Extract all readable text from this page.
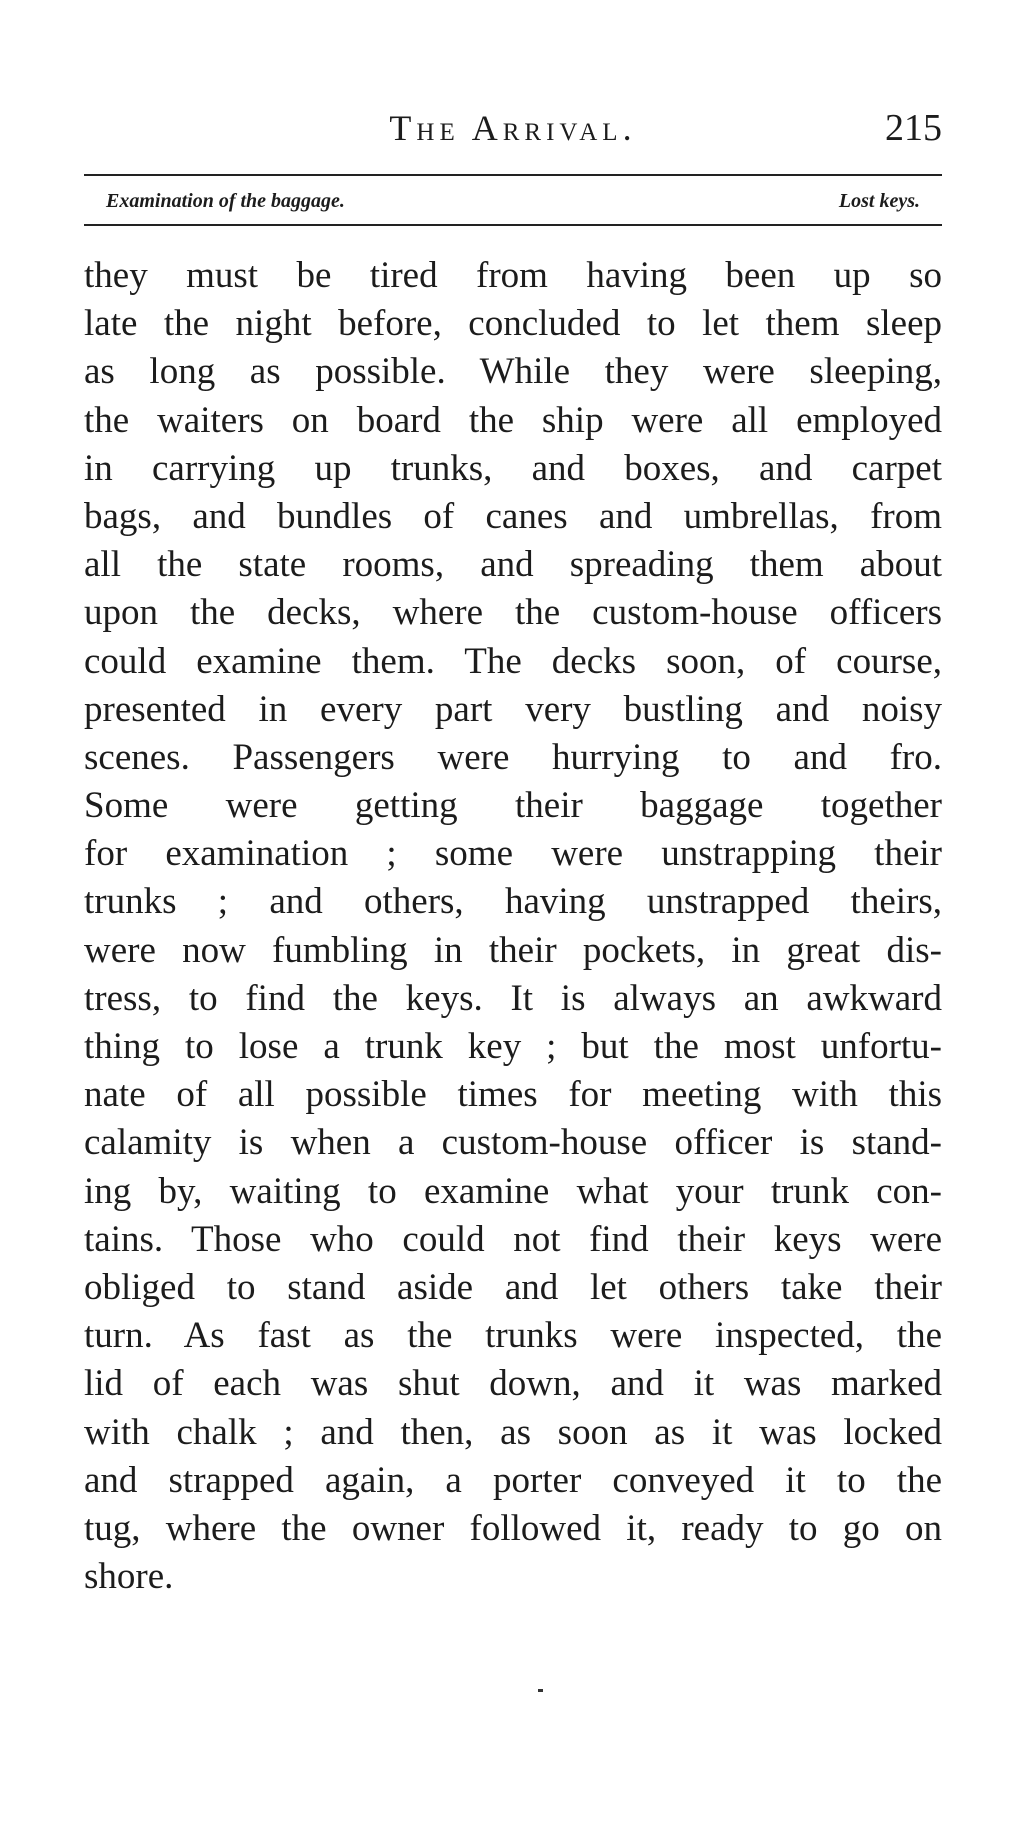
The Arrival.	215
Examination of the baggage.	Lost keys.
they must be tired from having been up so
late the night before, concluded to let them sleep
as long as possible. While they were sleeping,
the waiters on board the ship were all employed
in carrying up trunks, and boxes, and carpet
bags, and bundles of canes and umbrellas, from
all the state rooms, and spreading them about
upon the decks, where the custom-house officers
could examine them. The decks soon, of course,
presented in every part very bustling and noisy
scenes. Passengers were hurrying to and fro.
Some were getting their baggage together
for examination ; some were unstrapping their
trunks ; and others, having unstrapped theirs,
were now fumbling in their pockets, in great dis-
tress, to find the keys. It is always an awkward
thing to lose a trunk key ; but the most unfortu-
nate of all possible times for meeting with this
calamity is when a custom-house officer is stand-
ing by, waiting to examine what your trunk con-
tains. Those who could not find their keys were
obliged to stand aside and let others take their
turn. As fast as the trunks were inspected, the
lid of each was shut down, and it was marked
with chalk ; and then, as soon as it was locked
and strapped again, a porter conveyed it to the
tug, where the owner followed it, ready to go on
shore.
